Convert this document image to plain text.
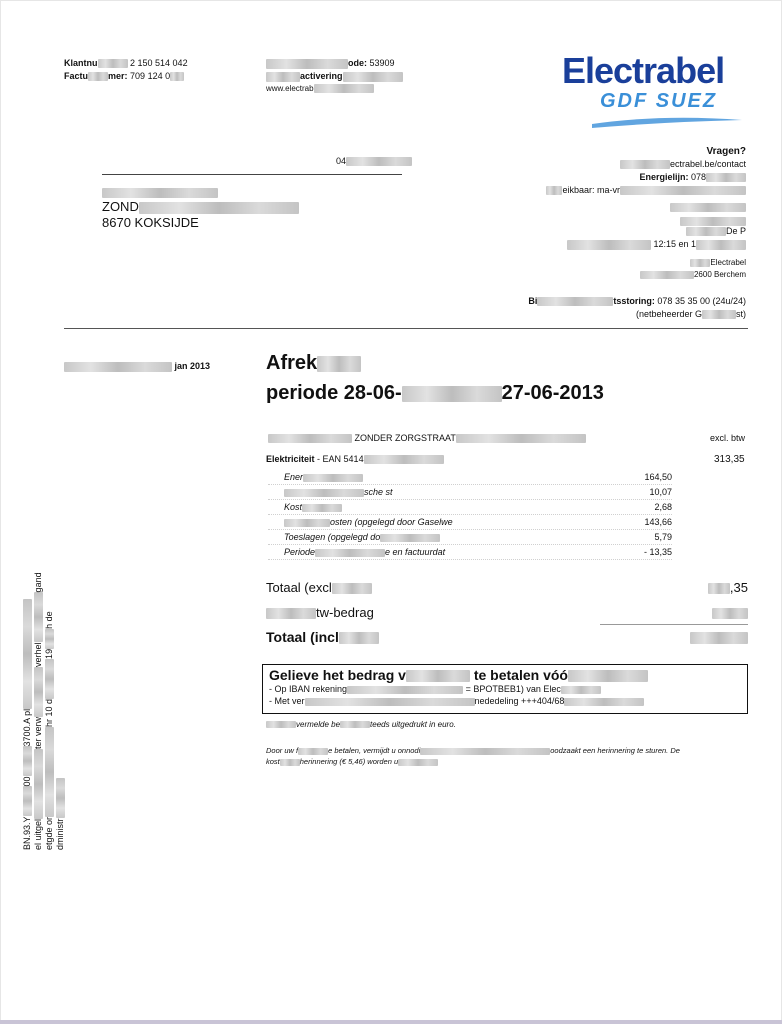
Klantnu	2 150 514 042
Factu mer: 709 124 0
ode: 53909
activering
www.electrab	Electrabel
GDF SUEZ
04
ZOND
8670 KOKSIJDE
Vragen?
ectrabel.be/contact
Energielijn: 078
eikbaar: ma-vr
De P
12:15 en 1
Electrabel
2600 Berchem
Bi	tsstoring: 078 35 35 00 (24u/24)
(netbeheerder G	st)
jan 2013	Afrek
periode 28-06-	27-06-2013
ZONDER ZORGSTRAAT	excl. btw
Elektriciteit - EAN 5414	313,35
Ener	164,50
sche st	10,07
Kost	2,68
osten (opgelegd door Gaselwe	143,66
Toeslagen (opgelegd do	5,79
Periode	e en factuurdat	- 13,35
Totaal (excl	,35
tw-bedrag
Totaal (incl
Gelieve het bedrag v	te betalen vóó
- Op IBAN rekening	= BPOTBEB1) van Elec
- Met ver	nededeling +++404/68
vermelde be	teeds uitgedrukt in euro.
Door uw f	e betalen, vermijdt u onnodi	oodzaakt een herinnering te sturen. De
kost	herinnering (€ 5,46) worden u
BN.93.Y003700.A pl
el uitgelter verwverhelgand
etgde orhr 10 d19h de
dministr
